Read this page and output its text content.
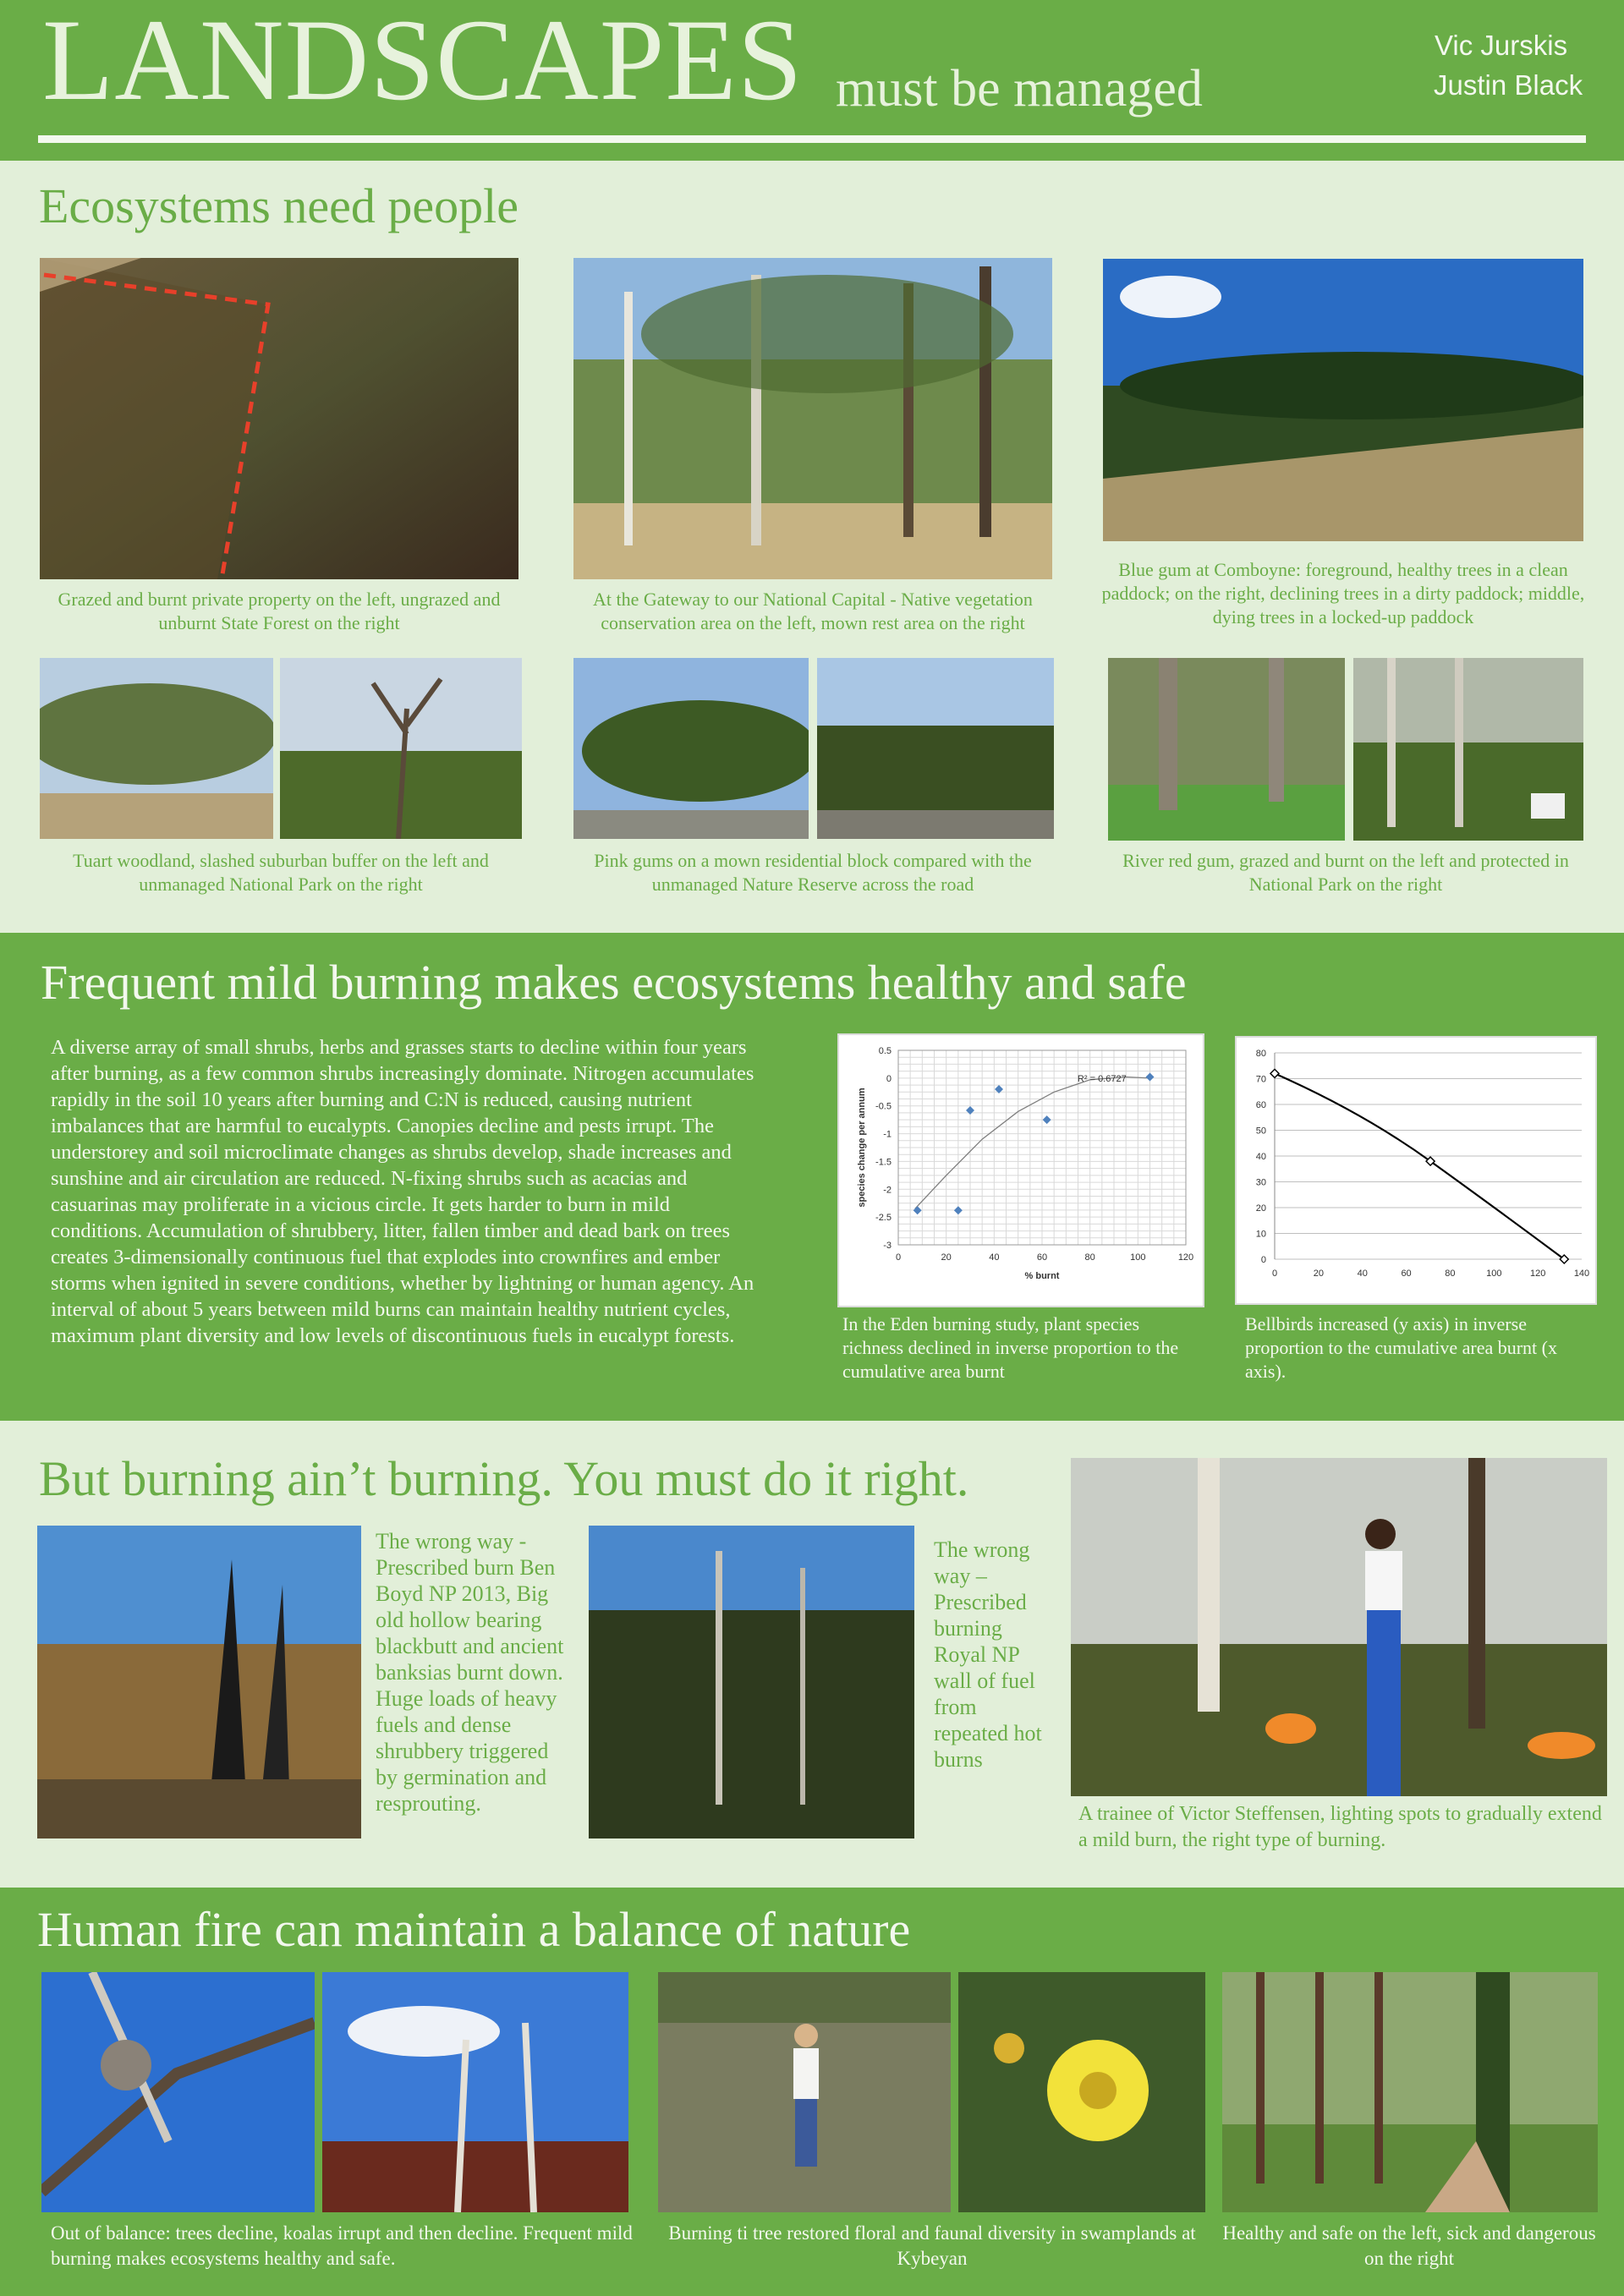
LANDSCAPES must be managed
Vic Jurskis
Justin Black
Ecosystems need people
Grazed and burnt private property on the left, ungrazed and unburnt State Forest on the right
At the Gateway to our National Capital - Native vegetation conservation area on the left, mown rest area on the right
Blue gum at Comboyne: foreground, healthy trees in a clean paddock; on the right, declining trees in a dirty paddock; middle, dying trees in a locked-up paddock
Tuart woodland, slashed suburban buffer on the left and unmanaged National Park on the right
Pink gums on a mown residential block compared with the unmanaged Nature Reserve across the road
River red gum, grazed and burnt on the left and protected in National Park on the right
Frequent mild burning makes ecosystems healthy and safe
A diverse array of small shrubs, herbs and grasses starts to decline within four years after burning, as a few common shrubs increasingly dominate. Nitrogen accumulates rapidly in the soil 10 years after burning and C:N is reduced, causing nutrient imbalances that are harmful to eucalypts. Canopies decline and pests irrupt. The understorey and soil microclimate changes as shrubs develop, shade increases and sunshine and air circulation are reduced. N-fixing shrubs such as acacias and casuarinas may proliferate in a vicious circle. It gets harder to burn in mild conditions. Accumulation of shrubbery, litter, fallen timber and dead bark on trees creates 3-dimensionally continuous fuel that explodes into crownfires and ember storms when ignited in severe conditions, whether by lightning or human agency. An interval of about 5 years between mild burns can maintain healthy nutrient cycles, maximum plant diversity and low levels of discontinuous fuels in eucalypt forests.
0	20	40	60	80	100	120
0.5
0
-0.5
-1
-1.5
-2
-2.5
-3
% burnt
species change per annum
R² = 0.6727
In the Eden burning study, plant species richness declined in inverse proportion to the cumulative area burnt
0	20	40	60	80	100	120	140
0
10
20
30
40
50
60
70
80
Bellbirds increased (y axis) in inverse proportion to the cumulative area burnt (x axis).
But burning ain’t burning. You must do it right.
The wrong way - Prescribed burn Ben Boyd NP 2013, Big old hollow bearing blackbutt and ancient banksias burnt down. Huge loads of heavy fuels and dense shrubbery triggered by germination and resprouting.
The wrong way – Prescribed burning Royal NP wall of fuel from repeated hot burns
A trainee of Victor Steffensen, lighting spots to gradually extend a mild burn, the right type of burning.
Human fire can maintain a balance of nature
Out of balance: trees decline, koalas irrupt and then decline. Frequent mild burning makes ecosystems healthy and safe.
Burning ti tree restored floral and faunal diversity in swamplands at Kybeyan
Healthy and safe on the left, sick and dangerous on the right
